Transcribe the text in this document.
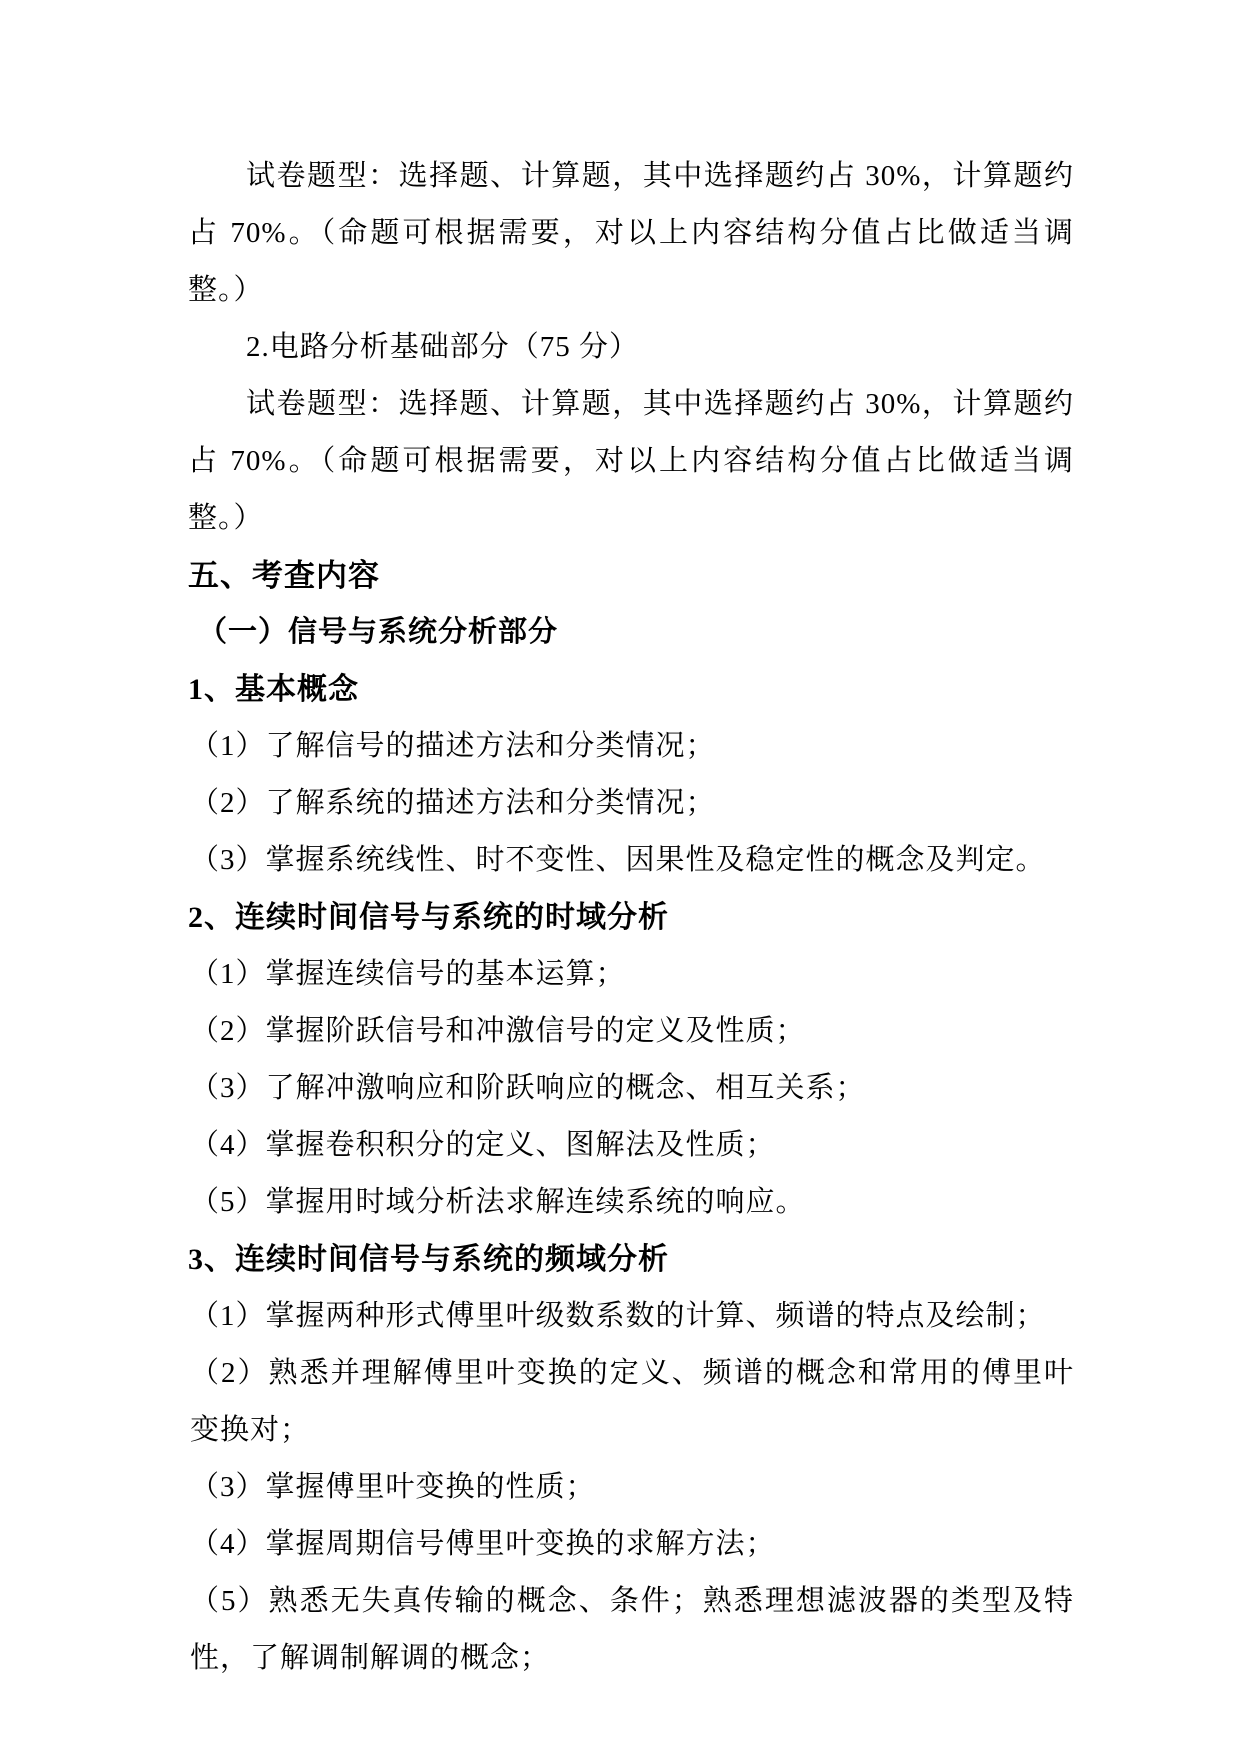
试卷题型：选择题、计算题，其中选择题约占 30%，计算题约占 70%。（命题可根据需要，对以上内容结构分值占比做适当调整。）

2.电路分析基础部分（75 分）

试卷题型：选择题、计算题，其中选择题约占 30%，计算题约占 70%。（命题可根据需要，对以上内容结构分值占比做适当调整。）

五、考查内容

（一）信号与系统分析部分

1、基本概念

（1）了解信号的描述方法和分类情况；

（2）了解系统的描述方法和分类情况；

（3）掌握系统线性、时不变性、因果性及稳定性的概念及判定。

2、连续时间信号与系统的时域分析

（1）掌握连续信号的基本运算；

（2）掌握阶跃信号和冲激信号的定义及性质；

（3）了解冲激响应和阶跃响应的概念、相互关系；

（4）掌握卷积积分的定义、图解法及性质；

（5）掌握用时域分析法求解连续系统的响应。

3、连续时间信号与系统的频域分析

（1）掌握两种形式傅里叶级数系数的计算、频谱的特点及绘制；

（2）熟悉并理解傅里叶变换的定义、频谱的概念和常用的傅里叶变换对；

（3）掌握傅里叶变换的性质；

（4）掌握周期信号傅里叶变换的求解方法；

（5）熟悉无失真传输的概念、条件；熟悉理想滤波器的类型及特性，了解调制解调的概念；
